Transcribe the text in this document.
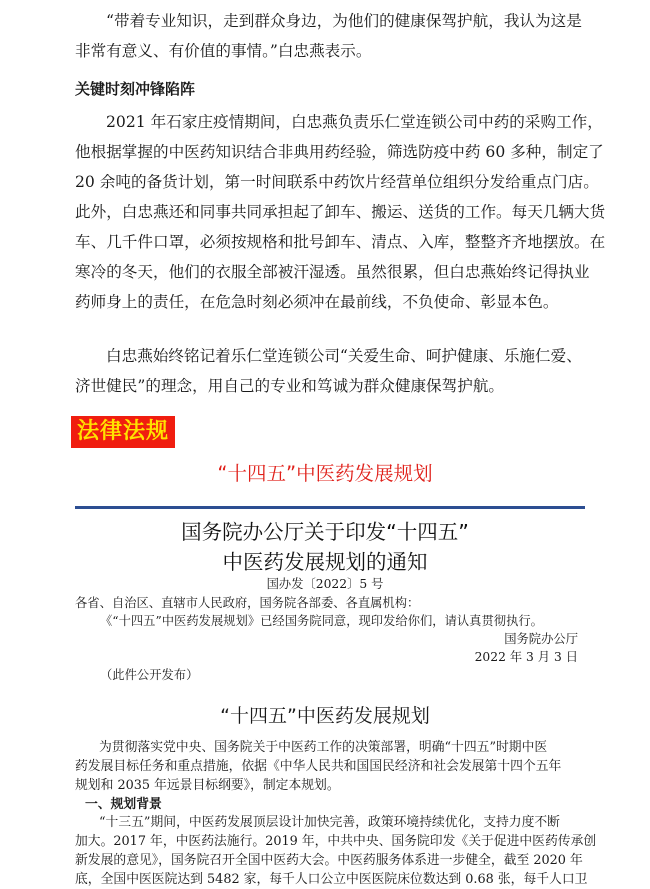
“带着专业知识，走到群众身边，为他们的健康保驾护航，我认为这是
非常有意义、有价值的事情。”白忠燕表示。
关键时刻冲锋陷阵
2021 年石家庄疫情期间，白忠燕负责乐仁堂连锁公司中药的采购工作，
他根据掌握的中医药知识结合非典用药经验，筛选防疫中药 60 多种，制定了
20 余吨的备货计划，第一时间联系中药饮片经营单位组织分发给重点门店。
此外，白忠燕还和同事共同承担起了卸车、搬运、送货的工作。每天几辆大货
车、几千件口罩，必须按规格和批号卸车、清点、入库，整整齐齐地摆放。在
寒冷的冬天，他们的衣服全部被汗湿透。虽然很累，但白忠燕始终记得执业
药师身上的责任，在危急时刻必须冲在最前线，不负使命、彰显本色。
白忠燕始终铭记着乐仁堂连锁公司“关爱生命、呵护健康、乐施仁爱、
济世健民”的理念，用自己的专业和笃诚为群众健康保驾护航。
法律法规
“十四五”中医药发展规划
国务院办公厅关于印发“十四五”
中医药发展规划的通知
国办发〔2022〕5 号
各省、自治区、直辖市人民政府，国务院各部委、各直属机构：
《“十四五”中医药发展规划》已经国务院同意，现印发给你们，请认真贯彻执行。
国务院办公厅
2022 年 3 月 3 日
（此件公开发布）
“十四五”中医药发展规划
为贯彻落实党中央、国务院关于中医药工作的决策部署，明确“十四五”时期中医
药发展目标任务和重点措施，依据《中华人民共和国国民经济和社会发展第十四个五年
规划和 2035 年远景目标纲要》，制定本规划。
一、规划背景
“十三五”期间，中医药发展顶层设计加快完善，政策环境持续优化，支持力度不断
加大。2017 年，中医药法施行。2019 年，中共中央、国务院印发《关于促进中医药传承创
新发展的意见》，国务院召开全国中医药大会。中医药服务体系进一步健全，截至 2020 年
底，全国中医医院达到 5482 家，每千人口公立中医医院床位数达到 0.68 张，每千人口卫
